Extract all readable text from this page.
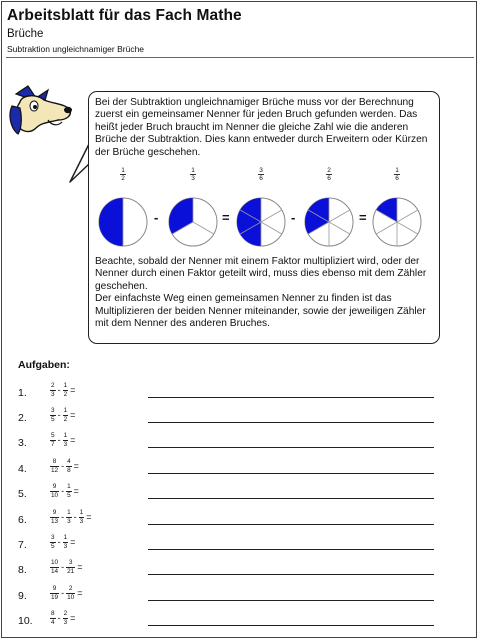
Arbeitsblatt für das Fach Mathe
Brüche
Subtraktion ungleichnamiger Brüche

Bei der Subtraktion ungleichnamiger Brüche muss vor der Berechnung zuerst ein gemeinsamer Nenner für jeden Bruch gefunden werden. Das heißt jeder Bruch braucht im Nenner die gleiche Zahl wie die anderen Brüche der Subtraktion. Dies kann entweder durch Erweitern oder Kürzen der Brüche geschehen.

$\frac{1}{2}$	$\frac{1}{3}$	$\frac{3}{6}$	$\frac{2}{6}$	$\frac{1}{6}$
-	=	-	=
Beachte, sobald der Nenner mit einem Faktor multipliziert wird, oder der Nenner durch einen Faktor geteilt wird, muss dies ebenso mit dem Zähler geschehen.
Der einfachste Weg einen gemeinsamen Nenner zu finden ist das Multiplizieren der beiden Nenner miteinander, sowie der jeweiligen Zähler mit dem Nenner des anderen Bruches.
Aufgaben:
1.	$\frac{2}{3} - \frac{1}{2}$ =
2.	$\frac{3}{5} - \frac{1}{2}$ =
3.	$\frac{5}{7} - \frac{1}{3}$ =
4.	$\frac{8}{12} - \frac{4}{8}$ =
5.	$\frac{9}{10} - \frac{1}{5}$ =
6.	$\frac{9}{13} - \frac{1}{3} - \frac{1}{3}$ =
7.	$\frac{3}{5} - \frac{1}{3}$ =
8.	$\frac{10}{14} - \frac{3}{21}$ =
9.	$\frac{9}{19} - \frac{2}{10}$ =
10.	$\frac{8}{4} - \frac{2}{3}$ =
